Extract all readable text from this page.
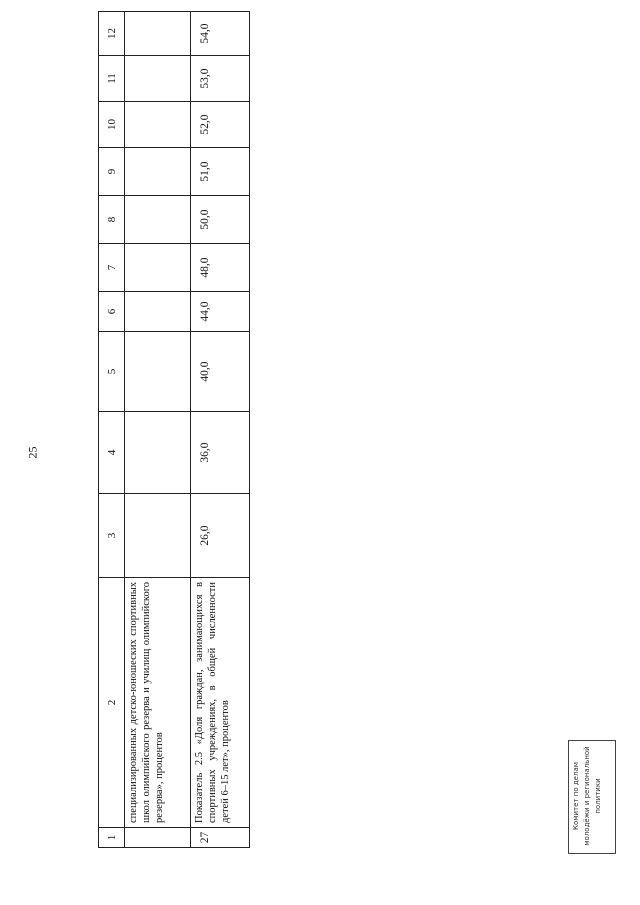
25
1	2	3	4	5	6	7	8	9	10	11	12
	специализированных детско-юношеских спортивных школ олимпийского резерва и училищ олимпийского резерва», процентов										
27	Показатель 2.5 «Доля граждан, занимающихся в спортивных учреждениях, в общей численности детей 6–15 лет», процентов	26,0	36,0	40,0	44,0	48,0	50,0	51,0	52,0	53,0	54,0
Комитет по делам молодёжи и региональной политики
